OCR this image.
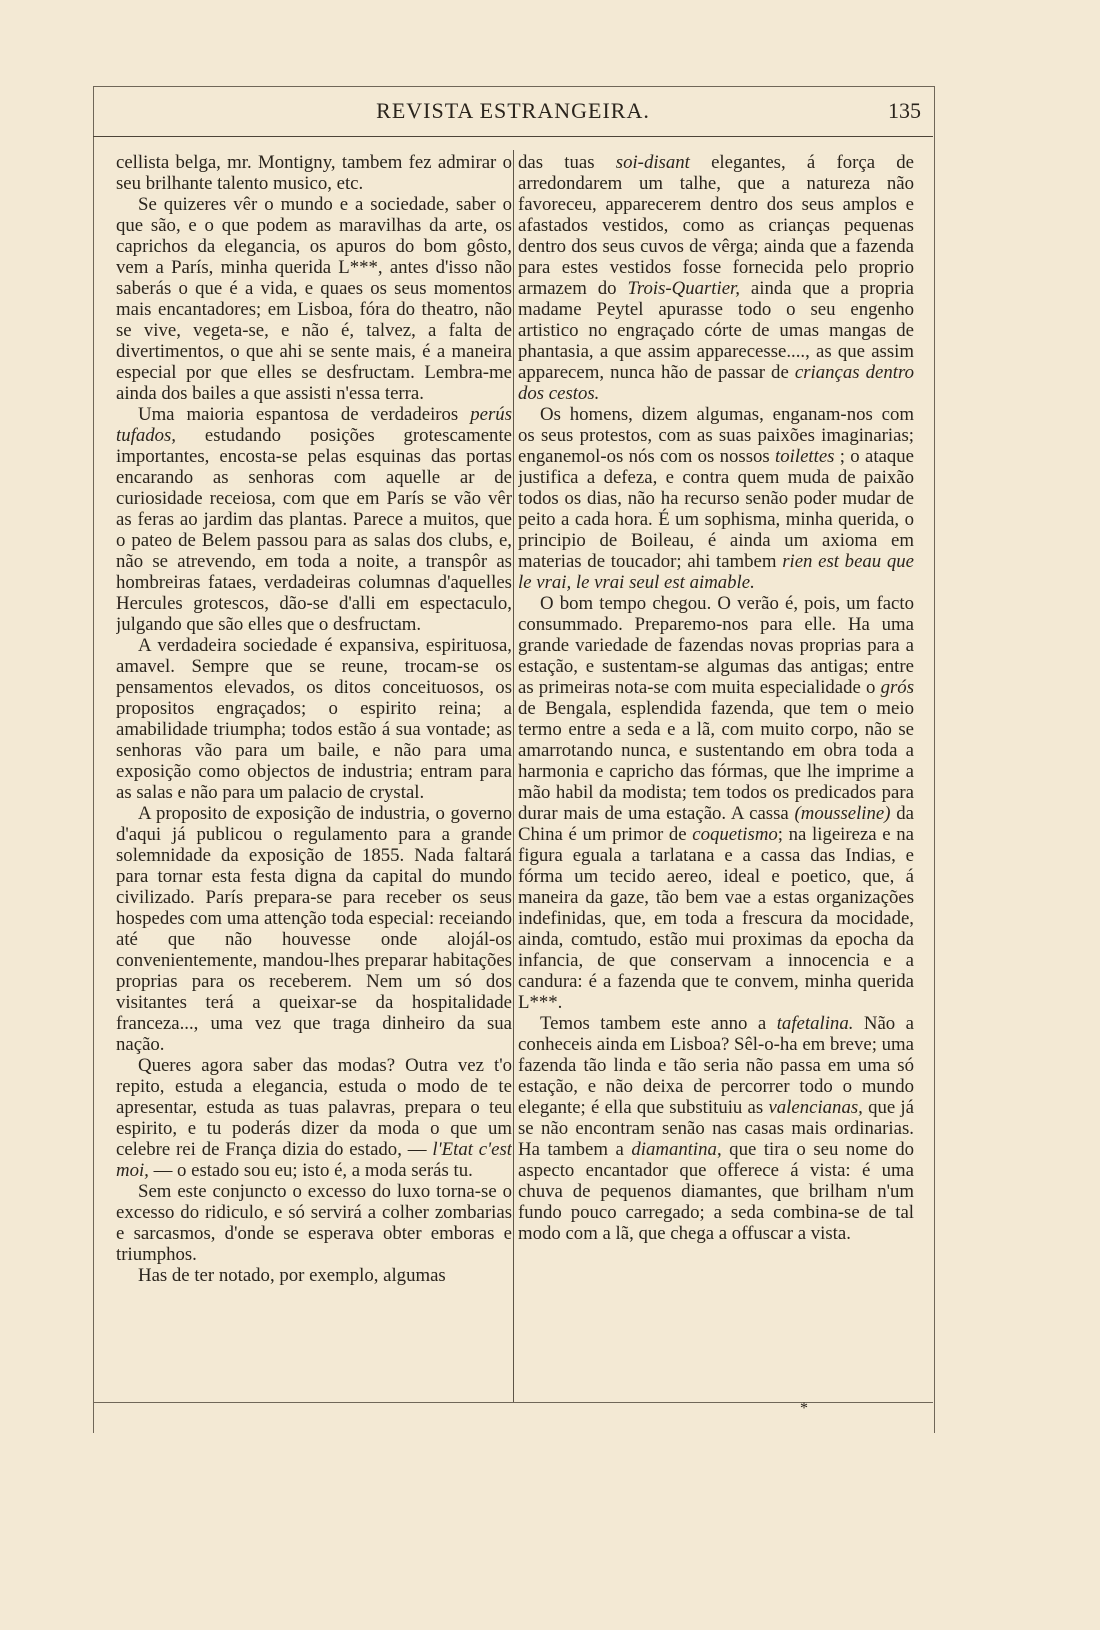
REVISTA ESTRANGEIRA.	135

cellista belga, mr. Montigny, tambem fez admirar o seu brilhante talento musico, etc.

Se quizeres vêr o mundo e a sociedade, saber o que são, e o que podem as maravilhas da arte, os caprichos da elegancia, os apuros do bom gôsto, vem a París, minha querida L***, antes d'isso não saberás o que é a vida, e quaes os seus momentos mais encantadores; em Lisboa, fóra do theatro, não se vive, vegeta-se, e não é, talvez, a falta de divertimentos, o que ahi se sente mais, é a maneira especial por que elles se desfructam. Lembra-me ainda dos bailes a que assisti n'essa terra.

Uma maioria espantosa de verdadeiros perús tufados, estudando posições grotescamente importantes, encosta-se pelas esquinas das portas encarando as senhoras com aquelle ar de curiosidade receiosa, com que em París se vão vêr as feras ao jardim das plantas. Parece a muitos, que o pateo de Belem passou para as salas dos clubs, e, não se atrevendo, em toda a noite, a transpôr as hombreiras fataes, verdadeiras columnas d'aquelles Hercules grotescos, dão-se d'alli em espectaculo, julgando que são elles que o desfructam.

A verdadeira sociedade é expansiva, espirituosa, amavel. Sempre que se reune, trocam-se os pensamentos elevados, os ditos conceituosos, os propositos engraçados; o espirito reina; a amabilidade triumpha; todos estão á sua vontade; as senhoras vão para um baile, e não para uma exposição como objectos de industria; entram para as salas e não para um palacio de crystal.

A proposito de exposição de industria, o governo d'aqui já publicou o regulamento para a grande solemnidade da exposição de 1855. Nada faltará para tornar esta festa digna da capital do mundo civilizado. París prepara-se para receber os seus hospedes com uma attenção toda especial: receiando até que não houvesse onde alojál-os convenientemente, mandou-lhes preparar habitações proprias para os receberem. Nem um só dos visitantes terá a queixar-se da hospitalidade franceza..., uma vez que traga dinheiro da sua nação.

Queres agora saber das modas? Outra vez t'o repito, estuda a elegancia, estuda o modo de te apresentar, estuda as tuas palavras, prepara o teu espirito, e tu poderás dizer da moda o que um celebre rei de França dizia do estado, — l'Etat c'est moi, — o estado sou eu; isto é, a moda serás tu.

Sem este conjuncto o excesso do luxo torna-se o excesso do ridiculo, e só servirá a colher zombarias e sarcasmos, d'onde se esperava obter emboras e triumphos.

Has de ter notado, por exemplo, algumas

das tuas soi-disant elegantes, á força de arredondarem um talhe, que a natureza não favoreceu, apparecerem dentro dos seus amplos e afastados vestidos, como as crianças pequenas dentro dos seus cuvos de vêrga; ainda que a fazenda para estes vestidos fosse fornecida pelo proprio armazem do Trois-Quartier, ainda que a propria madame Peytel apurasse todo o seu engenho artistico no engraçado córte de umas mangas de phantasia, a que assim apparecesse...., as que assim apparecem, nunca hão de passar de crianças dentro dos cestos.

Os homens, dizem algumas, enganam-nos com os seus protestos, com as suas paixões imaginarias; enganemol-os nós com os nossos toilettes ; o ataque justifica a defeza, e contra quem muda de paixão todos os dias, não ha recurso senão poder mudar de peito a cada hora. É um sophisma, minha querida, o principio de Boileau, é ainda um axioma em materias de toucador; ahi tambem rien est beau que le vrai, le vrai seul est aimable.

O bom tempo chegou. O verão é, pois, um facto consummado. Preparemo-nos para elle. Ha uma grande variedade de fazendas novas proprias para a estação, e sustentam-se algumas das antigas; entre as primeiras nota-se com muita especialidade o grós de Bengala, esplendida fazenda, que tem o meio termo entre a seda e a lã, com muito corpo, não se amarrotando nunca, e sustentando em obra toda a harmonia e capricho das fórmas, que lhe imprime a mão habil da modista; tem todos os predicados para durar mais de uma estação. A cassa (mousseline) da China é um primor de coquetismo; na ligeireza e na figura eguala a tarlatana e a cassa das Indias, e fórma um tecido aereo, ideal e poetico, que, á maneira da gaze, tão bem vae a estas organizações indefinidas, que, em toda a frescura da mocidade, ainda, comtudo, estão mui proximas da epocha da infancia, de que conservam a innocencia e a candura: é a fazenda que te convem, minha querida L***.

Temos tambem este anno a tafetalina. Não a conheceis ainda em Lisboa? Sêl-o-ha em breve; uma fazenda tão linda e tão seria não passa em uma só estação, e não deixa de percorrer todo o mundo elegante; é ella que substituiu as valencianas, que já se não encontram senão nas casas mais ordinarias. Ha tambem a diamantina, que tira o seu nome do aspecto encantador que offerece á vista: é uma chuva de pequenos diamantes, que brilham n'um fundo pouco carregado; a seda combina-se de tal modo com a lã, que chega a offuscar a vista.

*
